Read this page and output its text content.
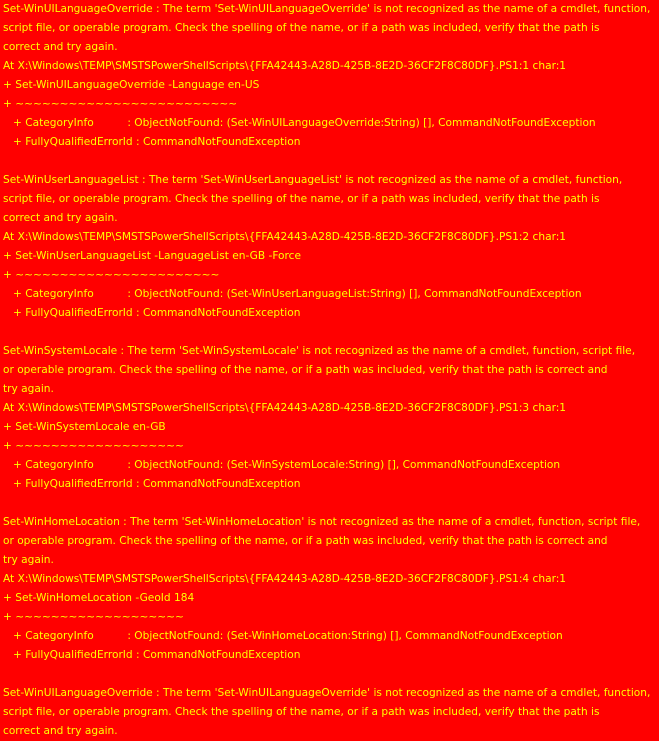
Set-WinUILanguageOverride : The term 'Set-WinUILanguageOverride' is not recognized as the name of a cmdlet, function,
script file, or operable program. Check the spelling of the name, or if a path was included, verify that the path is
correct and try again.
At X:\Windows\TEMP\SMSTSPowerShellScripts\{FFA42443-A28D-425B-8E2D-36CF2F8C80DF}.PS1:1 char:1
+ Set-WinUILanguageOverride -Language en-US
+ ~~~~~~~~~~~~~~~~~~~~~~~~~
+ CategoryInfo          : ObjectNotFound: (Set-WinUILanguageOverride:String) [], CommandNotFoundException
+ FullyQualifiedErrorId : CommandNotFoundException
Set-WinUserLanguageList : The term 'Set-WinUserLanguageList' is not recognized as the name of a cmdlet, function,
script file, or operable program. Check the spelling of the name, or if a path was included, verify that the path is
correct and try again.
At X:\Windows\TEMP\SMSTSPowerShellScripts\{FFA42443-A28D-425B-8E2D-36CF2F8C80DF}.PS1:2 char:1
+ Set-WinUserLanguageList -LanguageList en-GB -Force
+ ~~~~~~~~~~~~~~~~~~~~~~~
+ CategoryInfo          : ObjectNotFound: (Set-WinUserLanguageList:String) [], CommandNotFoundException
+ FullyQualifiedErrorId : CommandNotFoundException
Set-WinSystemLocale : The term 'Set-WinSystemLocale' is not recognized as the name of a cmdlet, function, script file,
or operable program. Check the spelling of the name, or if a path was included, verify that the path is correct and
try again.
At X:\Windows\TEMP\SMSTSPowerShellScripts\{FFA42443-A28D-425B-8E2D-36CF2F8C80DF}.PS1:3 char:1
+ Set-WinSystemLocale en-GB
+ ~~~~~~~~~~~~~~~~~~~
+ CategoryInfo          : ObjectNotFound: (Set-WinSystemLocale:String) [], CommandNotFoundException
+ FullyQualifiedErrorId : CommandNotFoundException
Set-WinHomeLocation : The term 'Set-WinHomeLocation' is not recognized as the name of a cmdlet, function, script file,
or operable program. Check the spelling of the name, or if a path was included, verify that the path is correct and
try again.
At X:\Windows\TEMP\SMSTSPowerShellScripts\{FFA42443-A28D-425B-8E2D-36CF2F8C80DF}.PS1:4 char:1
+ Set-WinHomeLocation -GeoId 184
+ ~~~~~~~~~~~~~~~~~~~
+ CategoryInfo          : ObjectNotFound: (Set-WinHomeLocation:String) [], CommandNotFoundException
+ FullyQualifiedErrorId : CommandNotFoundException
Set-WinUILanguageOverride : The term 'Set-WinUILanguageOverride' is not recognized as the name of a cmdlet, function,
script file, or operable program. Check the spelling of the name, or if a path was included, verify that the path is
correct and try again.
